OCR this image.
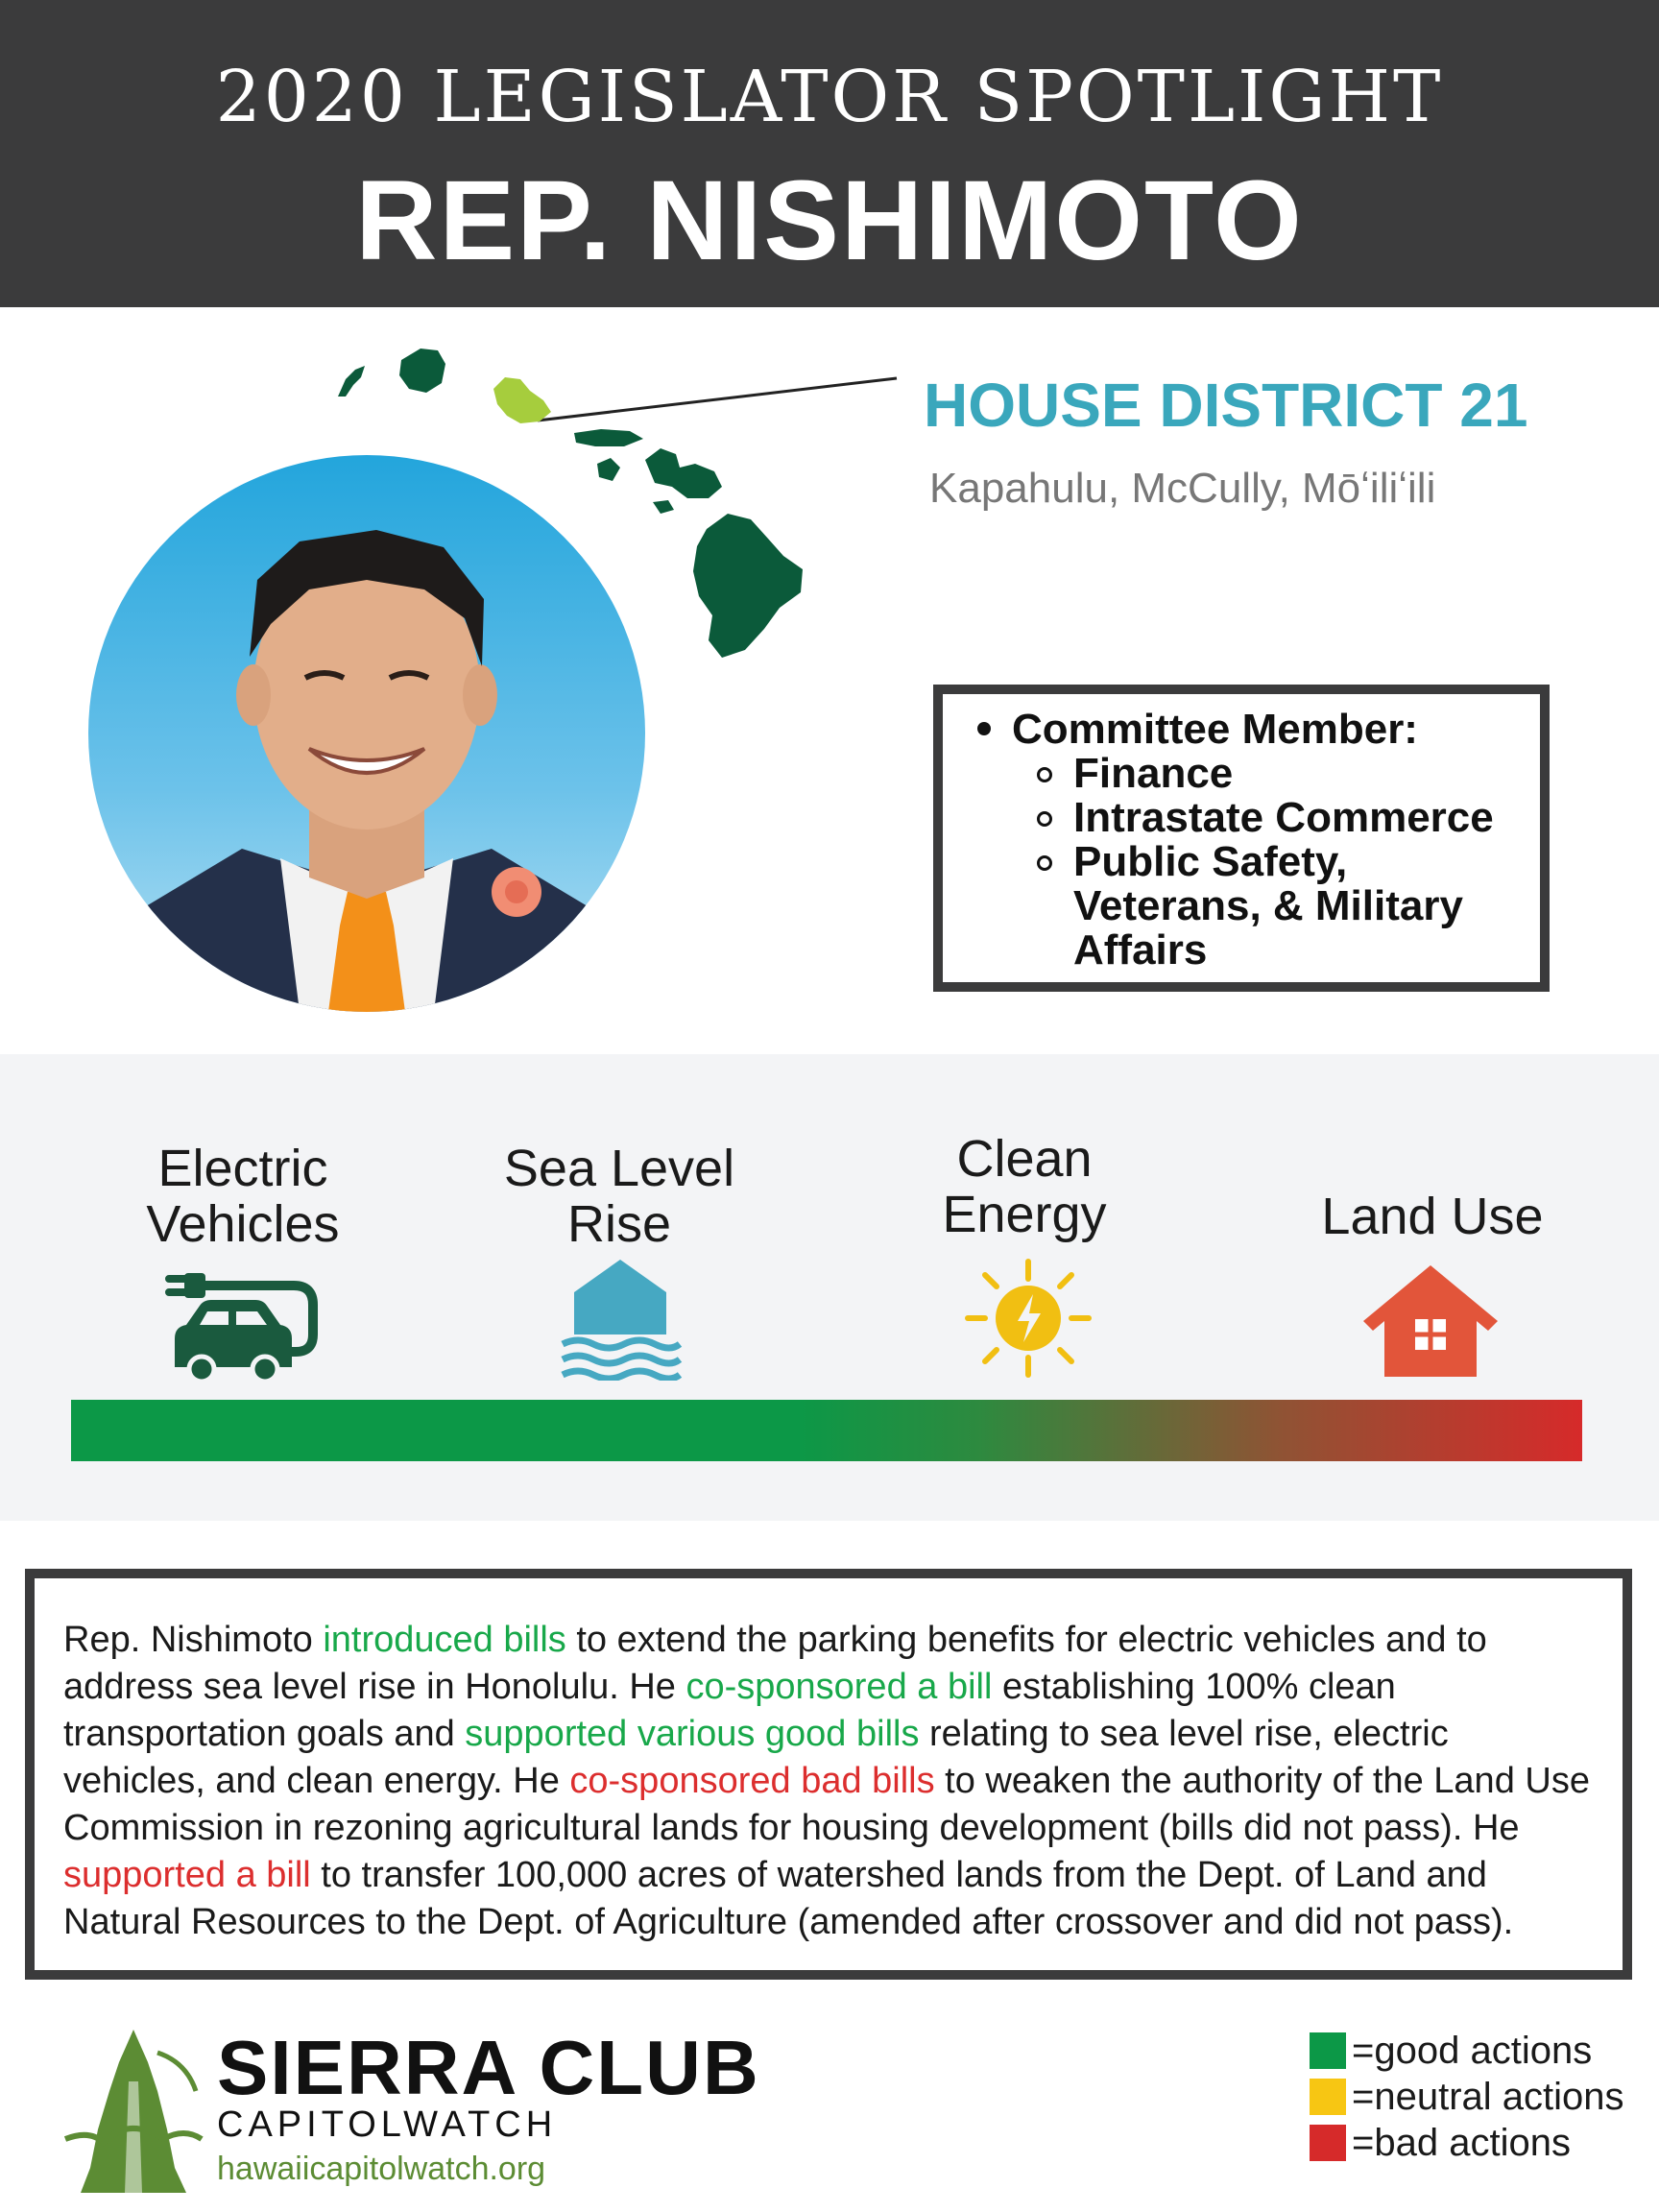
2020 LEGISLATOR SPOTLIGHT
REP. NISHIMOTO
HOUSE DISTRICT 21
Kapahulu, McCully, Mōʻiliʻili
Committee Member:
Finance
Intrastate Commerce
Public Safety,
Veterans, & Military
Affairs
Electric
Vehicles
Sea Level
Rise
Clean
Energy	Land Use

Rep. Nishimoto introduced bills to extend the parking benefits for electric vehicles and to address sea level rise in Honolulu. He co-sponsored a bill establishing 100% clean transportation goals and supported various good bills relating to sea level rise, electric vehicles, and clean energy. He co-sponsored bad bills to weaken the authority of the Land Use Commission in rezoning agricultural lands for housing development (bills did not pass). He supported a bill to transfer 100,000 acres of watershed lands from the Dept. of Land and Natural Resources to the Dept. of Agriculture (amended after crossover and did not pass).

SIERRA CLUB
CAPITOLWATCH
hawaiicapitolwatch.org
=good actions
=neutral actions
=bad actions
